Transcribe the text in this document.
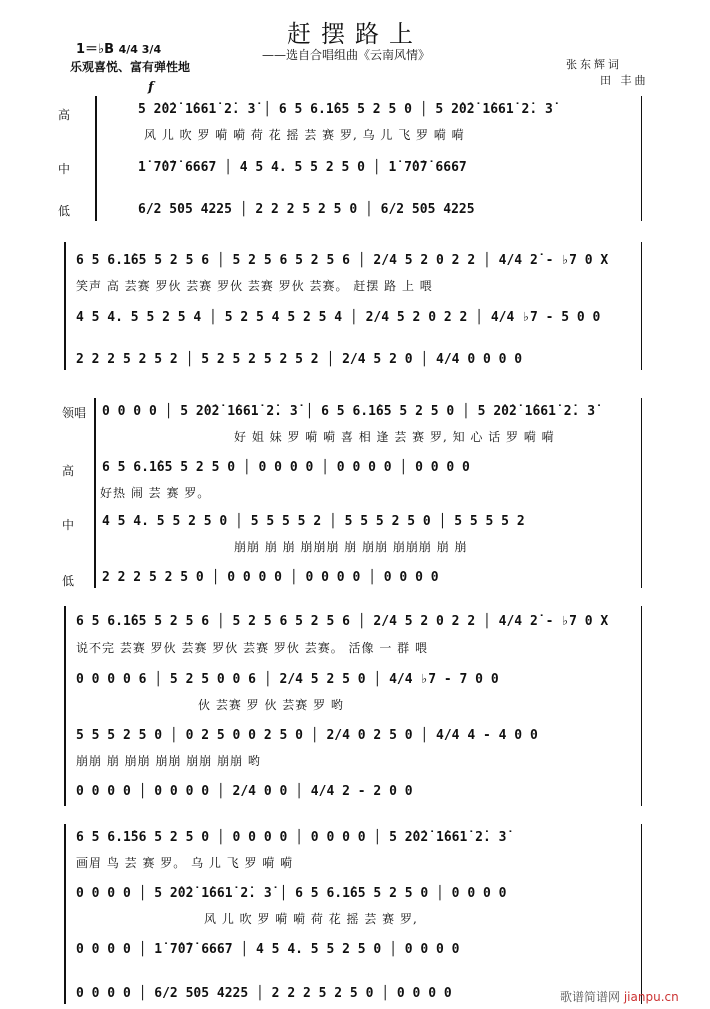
赶摆路上
——选自合唱组曲《云南风情》
1＝♭B 4/4 3/4
乐观喜悦、富有弹性地	张东辉词
田 丰曲
f
高	5 2̇0̇2̇ 1̇661̇ 2̇. 3̇ │ 6 5 6.1̇65 5 2 5 0 │ 5 2̇0̇2̇ 1̇661̇ 2̇. 3̇
风 儿 吹 罗 嗬 嗬 荷 花 摇 芸 赛 罗, 乌 儿 飞 罗 嗬 嗬
中	1̇ 7̇0̇7̇ 6667 │ 4 5 4. 5 5 2 5 0 │ 1̇ 7̇0̇7̇ 6667
低	6/2 505 4225 │ 2 2 2 5 2 5 0 │ 6/2 505 4225
6 5 6.1̇65 5 2 5 6 │ 5 2 5 6 5 2 5 6 │ 2/4 5 2 0 2 2 │ 4/4 2̇ - ♭7 0 X
笑声 高 芸赛 罗伙 芸赛 罗伙 芸赛 罗伙 芸赛。 赶摆 路 上 喂
4 5 4. 5 5 2 5 4 │ 5 2 5 4 5 2 5 4 │ 2/4 5 2 0 2 2 │ 4/4 ♭7 - 5 0 0
2 2 2 5 2 5 2 │ 5 2 5 2 5 2 5 2 │ 2/4 5 2 0 │ 4/4 0 0 0 0
领唱 0 0 0 0 │ 5 2̇0̇2̇ 1̇661̇ 2̇. 3̇ │ 6 5 6.1̇65 5 2 5 0 │ 5 2̇0̇2̇ 1̇661̇ 2̇. 3̇
好 姐 妹 罗 嗬 嗬 喜 相 逢 芸 赛 罗, 知 心 话 罗 嗬 嗬
高 6 5 6.1̇65 5 2 5 0 │ 0 0 0 0 │ 0 0 0 0 │ 0 0 0 0
好热 闹 芸 赛 罗。
中 4 5 4. 5 5 2 5 0 │ 5 5 5 5 2 │ 5 5 5 2 5 0 │ 5 5 5 5 2
崩崩 崩 崩 崩崩崩 崩 崩崩 崩崩崩 崩 崩
低 2 2 2 5 2 5 0 │ 0 0 0 0 │ 0 0 0 0 │ 0 0 0 0
6 5 6.1̇65 5 2 5 6 │ 5 2 5 6 5 2 5 6 │ 2/4 5 2 0 2 2 │ 4/4 2̇ - ♭7 0 X
说不完 芸赛 罗伙 芸赛 罗伙 芸赛 罗伙 芸赛。 活像 一 群 喂
0 0 0 0 6 │ 5 2 5 0 0 6 │ 2/4 5 2 5 0 │ 4/4 ♭7 - 7 0 0
伙 芸赛 罗 伙 芸赛 罗 哟
5 5 5 2 5 0 │ 0 2 5 0 0 2 5 0 │ 2/4 0 2 5 0 │ 4/4 4 - 4 0 0
崩崩 崩 崩崩 崩崩 崩崩 崩崩 哟
0 0 0 0 │ 0 0 0 0 │ 2/4 0 0 │ 4/4 2 - 2 0 0
6 5 6.1̇56 5 2 5 0 │ 0 0 0 0 │ 0 0 0 0 │ 5 2̇0̇2̇ 1̇661̇ 2̇. 3̇
画眉 鸟 芸 赛 罗。 乌 儿 飞 罗 嗬 嗬
0 0 0 0 │ 5 2̇0̇2̇ 1̇661̇ 2̇. 3̇ │ 6 5 6.1̇65 5 2 5 0 │ 0 0 0 0
风 儿 吹 罗 嗬 嗬 荷 花 摇 芸 赛 罗,
0 0 0 0 │ 1̇ 7̇0̇7̇ 6667 │ 4 5 4. 5 5 2 5 0 │ 0 0 0 0
0 0 0 0 │ 6/2 505 4225 │ 2 2 2 5 2 5 0 │ 0 0 0 0	歌谱简谱网 jianpu.cn
